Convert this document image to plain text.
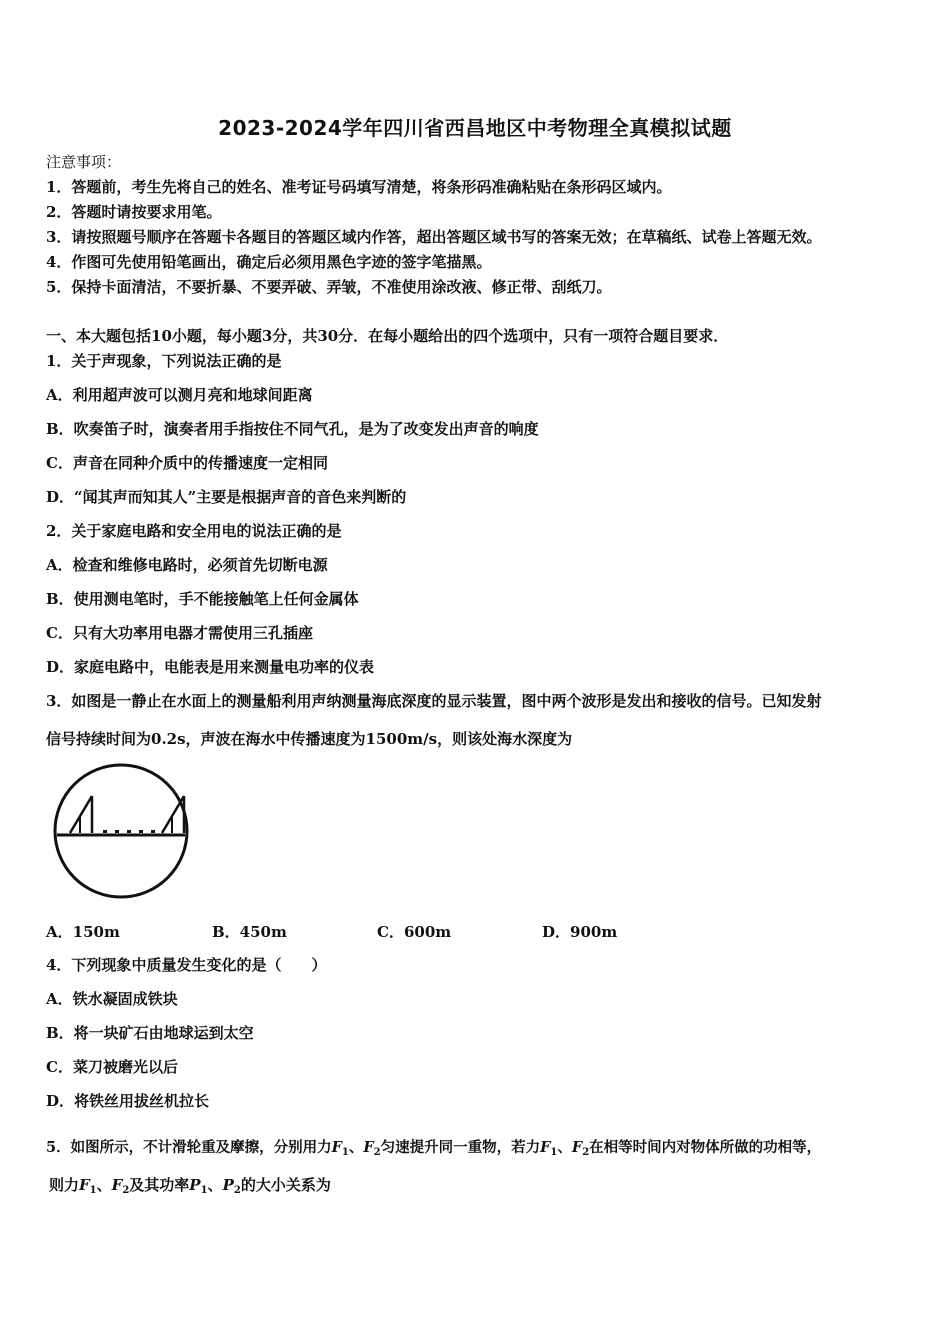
2023-2024学年四川省西昌地区中考物理全真模拟试题
注意事项：
1．答题前，考生先将自己的姓名、准考证号码填写清楚，将条形码准确粘贴在条形码区域内。
2．答题时请按要求用笔。
3．请按照题号顺序在答题卡各题目的答题区域内作答，超出答题区域书写的答案无效；在草稿纸、试卷上答题无效。
4．作图可先使用铅笔画出，确定后必须用黑色字迹的签字笔描黑。
5．保持卡面清洁，不要折暴、不要弄破、弄皱，不准使用涂改液、修正带、刮纸刀。
一、本大题包括10小题，每小题3分，共30分．在每小题给出的四个选项中，只有一项符合题目要求．
1．关于声现象，下列说法正确的是
A．利用超声波可以测月亮和地球间距离
B．吹奏笛子时，演奏者用手指按住不同气孔，是为了改变发出声音的响度
C．声音在同种介质中的传播速度一定相同
D．“闻其声而知其人”主要是根据声音的音色来判断的
2．关于家庭电路和安全用电的说法正确的是
A．检查和维修电路时，必须首先切断电源
B．使用测电笔时，手不能接触笔上任何金属体
C．只有大功率用电器才需使用三孔插座
D．家庭电路中，电能表是用来测量电功率的仪表
3．如图是一静止在水面上的测量船利用声纳测量海底深度的显示装置，图中两个波形是发出和接收的信号。已知发射
信号持续时间为0.2s，声波在海水中传播速度为1500m/s，则该处海水深度为
A．150m	B．450m	C．600m	D．900m
4．下列现象中质量发生变化的是（　　）
A．铁水凝固成铁块
B．将一块矿石由地球运到太空
C．菜刀被磨光以后
D．将铁丝用拔丝机拉长
5．如图所示，不计滑轮重及摩擦，分别用力$F_1$、$F_2$匀速提升同一重物，若力$F_1$、$F_2$在相等时间内对物体所做的功相等，
则力$F_1$、$F_2$及其功率$P_1$、$P_2$的大小关系为
